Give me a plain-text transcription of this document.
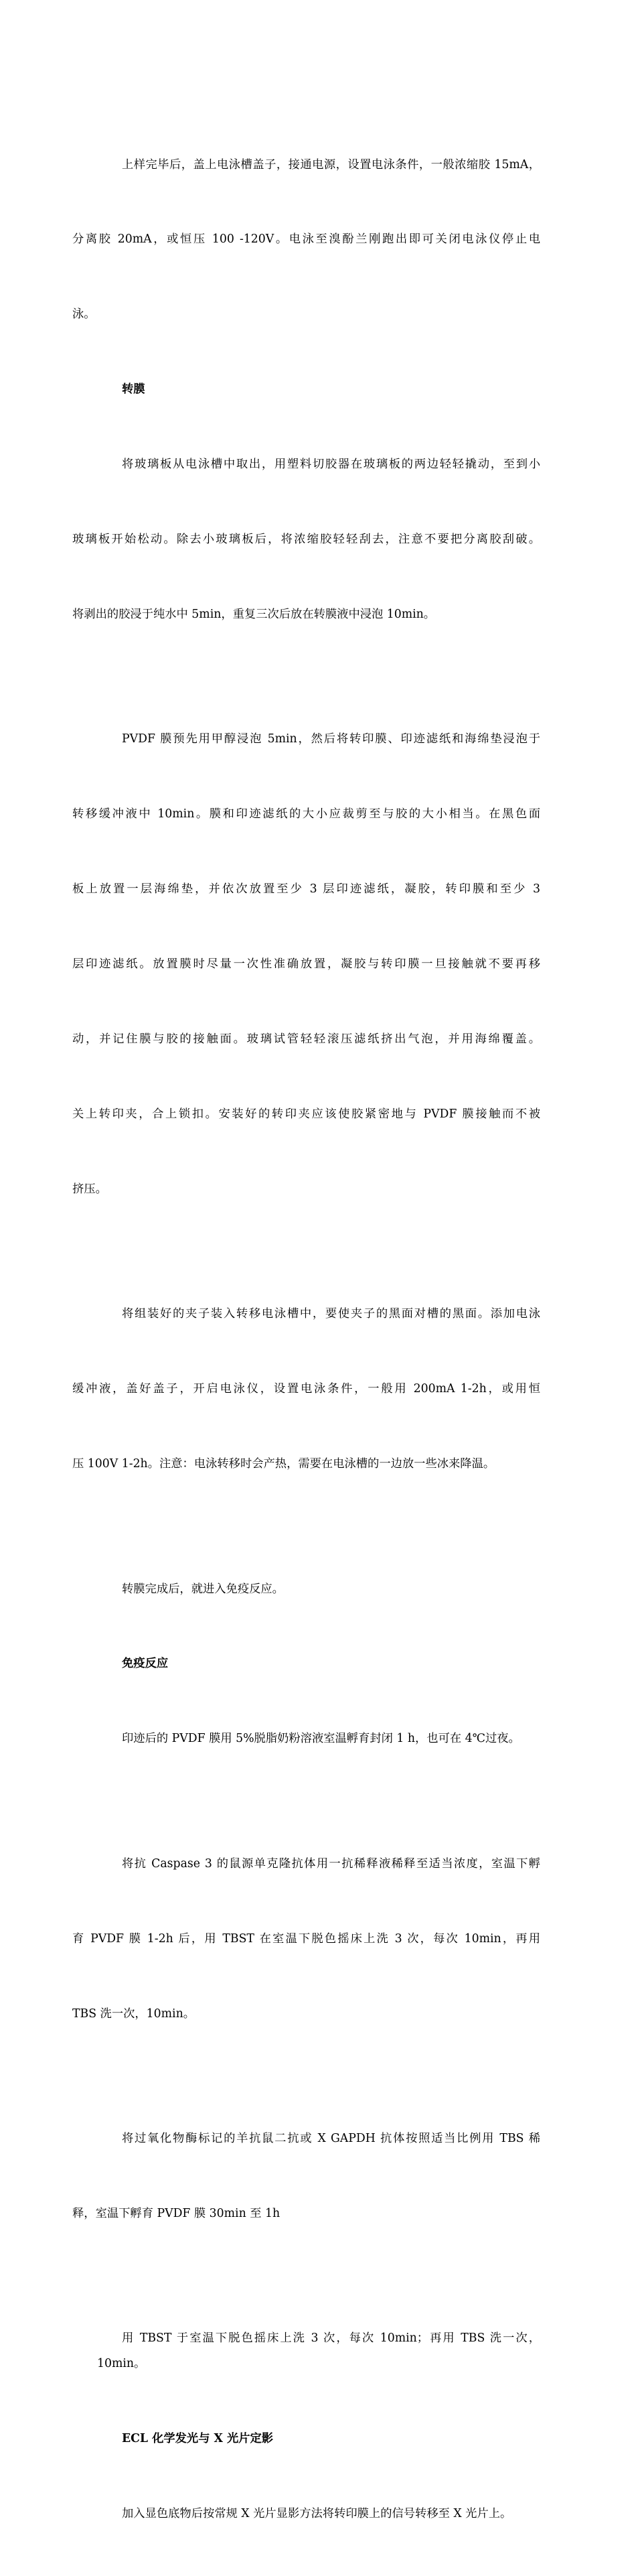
上样完毕后，盖上电泳槽盖子，接通电源，设置电泳条件，一般浓缩胶 15mA，

分离胶 20mA，或恒压 100 -120V。电泳至溴酚兰刚跑出即可关闭电泳仪停止电

泳。

转膜

将玻璃板从电泳槽中取出，用塑料切胶器在玻璃板的两边轻轻撬动，至到小

玻璃板开始松动。除去小玻璃板后，将浓缩胶轻轻刮去，注意不要把分离胶刮破。

将剥出的胶浸于纯水中 5min，重复三次后放在转膜液中浸泡 10min。

PVDF 膜预先用甲醇浸泡 5min，然后将转印膜、印迹滤纸和海绵垫浸泡于

转移缓冲液中 10min。膜和印迹滤纸的大小应裁剪至与胶的大小相当。在黑色面

板上放置一层海绵垫，并依次放置至少 3 层印迹滤纸，凝胶，转印膜和至少 3

层印迹滤纸。放置膜时尽量一次性准确放置，凝胶与转印膜一旦接触就不要再移

动，并记住膜与胶的接触面。玻璃试管轻轻滚压滤纸挤出气泡，并用海绵覆盖。

关上转印夹，合上锁扣。安装好的转印夹应该使胶紧密地与 PVDF 膜接触而不被

挤压。

将组装好的夹子装入转移电泳槽中，要使夹子的黑面对槽的黑面。添加电泳

缓冲液，盖好盖子，开启电泳仪，设置电泳条件，一般用 200mA 1-2h，或用恒

压 100V 1-2h。注意：电泳转移时会产热，需要在电泳槽的一边放一些冰来降温。

转膜完成后，就进入免疫反应。

免疫反应

印迹后的 PVDF 膜用 5%脱脂奶粉溶液室温孵育封闭 1 h，也可在 4℃过夜。

将抗 Caspase 3 的鼠源单克隆抗体用一抗稀释液稀释至适当浓度，室温下孵

育 PVDF 膜 1-2h 后，用 TBST 在室温下脱色摇床上洗 3 次，每次 10min，再用

TBS 洗一次，10min。

将过氧化物酶标记的羊抗鼠二抗或 X GAPDH 抗体按照适当比例用 TBS 稀

释，室温下孵育 PVDF 膜 30min 至 1h

用 TBST 于室温下脱色摇床上洗 3 次，每次 10min；再用 TBS 洗一次，10min。

ECL 化学发光与 X 光片定影

加入显色底物后按常规 X 光片显影方法将转印膜上的信号转移至 X 光片上。
